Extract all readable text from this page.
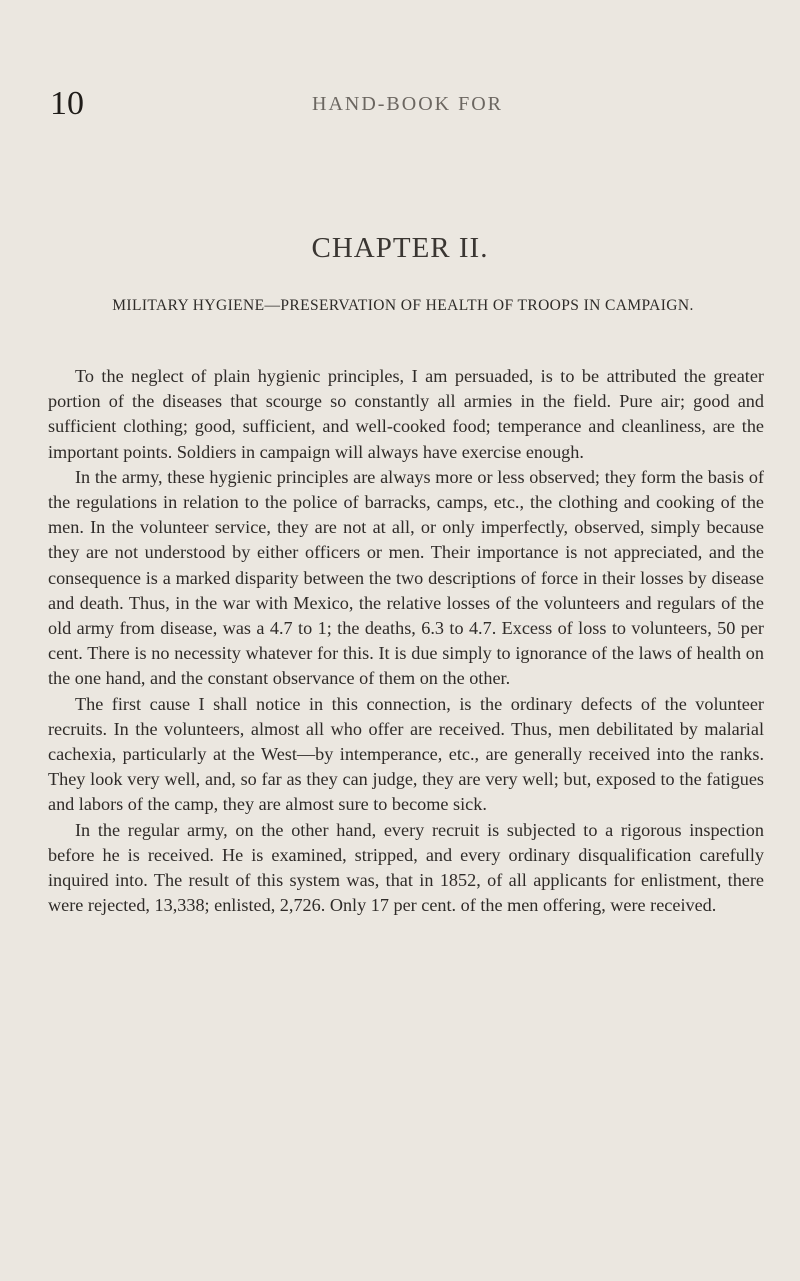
10	HAND-BOOK FOR
CHAPTER II.
MILITARY HYGIENE—PRESERVATION OF HEALTH OF TROOPS IN CAMPAIGN.

To the neglect of plain hygienic principles, I am persuaded, is to be attributed the greater portion of the diseases that scourge so constantly all armies in the field. Pure air; good and sufficient clothing; good, sufficient, and well-cooked food; temperance and cleanliness, are the important points. Soldiers in campaign will always have exercise enough.

In the army, these hygienic principles are always more or less observed; they form the basis of the regulations in relation to the police of barracks, camps, etc., the clothing and cooking of the men. In the volunteer service, they are not at all, or only imperfectly, observed, simply because they are not understood by either officers or men. Their importance is not appreciated, and the consequence is a marked disparity between the two descriptions of force in their losses by disease and death. Thus, in the war with Mexico, the relative losses of the volunteers and regulars of the old army from disease, was a 4.7 to 1; the deaths, 6.3 to 4.7. Excess of loss to volunteers, 50 per cent. There is no necessity whatever for this. It is due simply to ignorance of the laws of health on the one hand, and the constant observance of them on the other.

The first cause I shall notice in this connection, is the ordinary defects of the volunteer recruits. In the volunteers, almost all who offer are received. Thus, men debilitated by malarial cachexia, particularly at the West—by intemperance, etc., are generally received into the ranks. They look very well, and, so far as they can judge, they are very well; but, exposed to the fatigues and labors of the camp, they are almost sure to become sick.

In the regular army, on the other hand, every recruit is subjected to a rigorous inspection before he is received. He is examined, stripped, and every ordinary disqualification carefully inquired into. The result of this system was, that in 1852, of all applicants for enlistment, there were rejected, 13,338; enlisted, 2,726. Only 17 per cent. of the men offering, were received.
